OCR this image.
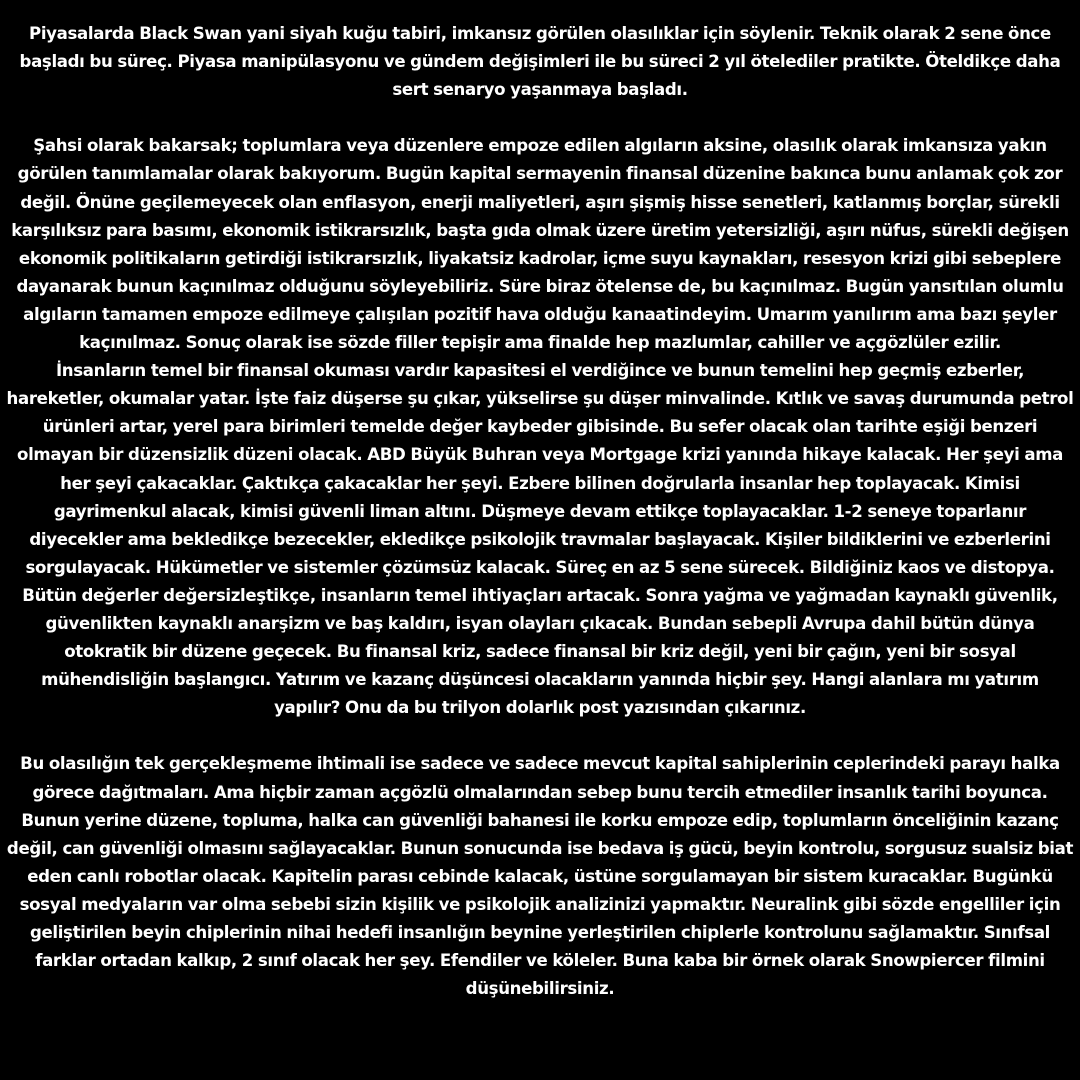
Piyasalarda Black Swan yani siyah kuğu tabiri, imkansız görülen olasılıklar için söylenir. Teknik olarak 2 sene önce başladı bu süreç. Piyasa manipülasyonu ve gündem değişimleri ile bu süreci 2 yıl ötelediler pratikte. Öteldikçe daha sert senaryo yaşanmaya başladı.

Şahsi olarak bakarsak; toplumlara veya düzenlere empoze edilen algıların aksine, olasılık olarak imkansıza yakın görülen tanımlamalar olarak bakıyorum. Bugün kapital sermayenin finansal düzenine bakınca bunu anlamak çok zor değil. Önüne geçilemeyecek olan enflasyon, enerji maliyetleri, aşırı şişmiş hisse senetleri, katlanmış borçlar, sürekli karşılıksız para basımı, ekonomik istikrarsızlık, başta gıda olmak üzere üretim yetersizliği, aşırı nüfus, sürekli değişen ekonomik politikaların getirdiği istikrarsızlık, liyakatsiz kadrolar, içme suyu kaynakları, resesyon krizi gibi sebeplere dayanarak bunun kaçınılmaz olduğunu söyleyebiliriz. Süre biraz ötelense de, bu kaçınılmaz. Bugün yansıtılan olumlu algıların tamamen empoze edilmeye çalışılan pozitif hava olduğu kanaatindeyim. Umarım yanılırım ama bazı şeyler kaçınılmaz. Sonuç olarak ise sözde filler tepişir ama finalde hep mazlumlar, cahiller ve açgözlüler ezilir.

İnsanların temel bir finansal okuması vardır kapasitesi el verdiğince ve bunun temelini hep geçmiş ezberler, hareketler, okumalar yatar. İşte faiz düşerse şu çıkar, yükselirse şu düşer minvalinde. Kıtlık ve savaş durumunda petrol ürünleri artar, yerel para birimleri temelde değer kaybeder gibisinde. Bu sefer olacak olan tarihte eşiği benzeri olmayan bir düzensizlik düzeni olacak. ABD Büyük Buhran veya Mortgage krizi yanında hikaye kalacak. Her şeyi ama her şeyi çakacaklar. Çaktıkça çakacaklar her şeyi. Ezbere bilinen doğrularla insanlar hep toplayacak. Kimisi gayrimenkul alacak, kimisi güvenli liman altını. Düşmeye devam ettikçe toplayacaklar. 1-2 seneye toparlanır diyecekler ama bekledikçe bezecekler, ekledikçe psikolojik travmalar başlayacak. Kişiler bildiklerini ve ezberlerini sorgulayacak. Hükümetler ve sistemler çözümsüz kalacak. Süreç en az 5 sene sürecek. Bildiğiniz kaos ve distopya. Bütün değerler değersizleştikçe, insanların temel ihtiyaçları artacak. Sonra yağma ve yağmadan kaynaklı güvenlik, güvenlikten kaynaklı anarşizm ve baş kaldırı, isyan olayları çıkacak. Bundan sebepli Avrupa dahil bütün dünya otokratik bir düzene geçecek. Bu finansal kriz, sadece finansal bir kriz değil, yeni bir çağın, yeni bir sosyal mühendisliğin başlangıcı. Yatırım ve kazanç düşüncesi olacakların yanında hiçbir şey. Hangi alanlara mı yatırım yapılır? Onu da bu trilyon dolarlık post yazısından çıkarınız.

Bu olasılığın tek gerçekleşmeme ihtimali ise sadece ve sadece mevcut kapital sahiplerinin ceplerindeki parayı halka görece dağıtmaları. Ama hiçbir zaman açgözlü olmalarından sebep bunu tercih etmediler insanlık tarihi boyunca. Bunun yerine düzene, topluma, halka can güvenliği bahanesi ile korku empoze edip, toplumların önceliğinin kazanç değil, can güvenliği olmasını sağlayacaklar. Bunun sonucunda ise bedava iş gücü, beyin kontrolu, sorgusuz sualsiz biat eden canlı robotlar olacak. Kapitelin parası cebinde kalacak, üstüne sorgulamayan bir sistem kuracaklar. Bugünkü sosyal medyaların var olma sebebi sizin kişilik ve psikolojik analizinizi yapmaktır. Neuralink gibi sözde engelliler için geliştirilen beyin chiplerinin nihai hedefi insanlığın beynine yerleştirilen chiplerle kontrolunu sağlamaktır. Sınıfsal farklar ortadan kalkıp, 2 sınıf olacak her şey. Efendiler ve köleler. Buna kaba bir örnek olarak Snowpiercer filmini düşünebilirsiniz.
